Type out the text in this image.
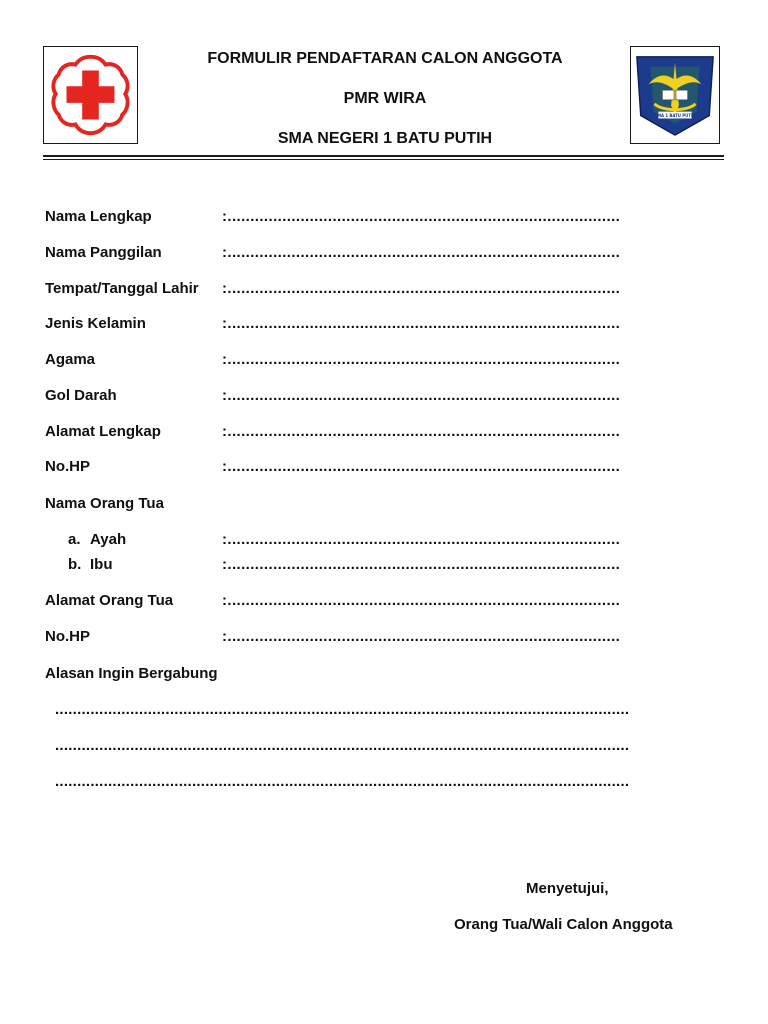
FORMULIR PENDAFTARAN CALON ANGGOTA
PMR WIRA
SMA NEGERI 1 BATU PUTIH
SMA 1 BATU PUTIH
Nama Lengkap	:......................................................................................
Nama Panggilan	:......................................................................................
Tempat/Tanggal Lahir :......................................................................................
Jenis Kelamin	:......................................................................................
Agama	:......................................................................................
Gol Darah	:......................................................................................
Alamat Lengkap	:......................................................................................
No.HP	:......................................................................................
Nama Orang Tua
a. Ayah	:......................................................................................
b. Ibu	:......................................................................................
Alamat Orang Tua	:......................................................................................
No.HP	:......................................................................................
Alasan Ingin Bergabung
..................................................................................................................................
..................................................................................................................................
..................................................................................................................................
Menyetujui,
Orang Tua/Wali Calon Anggota
